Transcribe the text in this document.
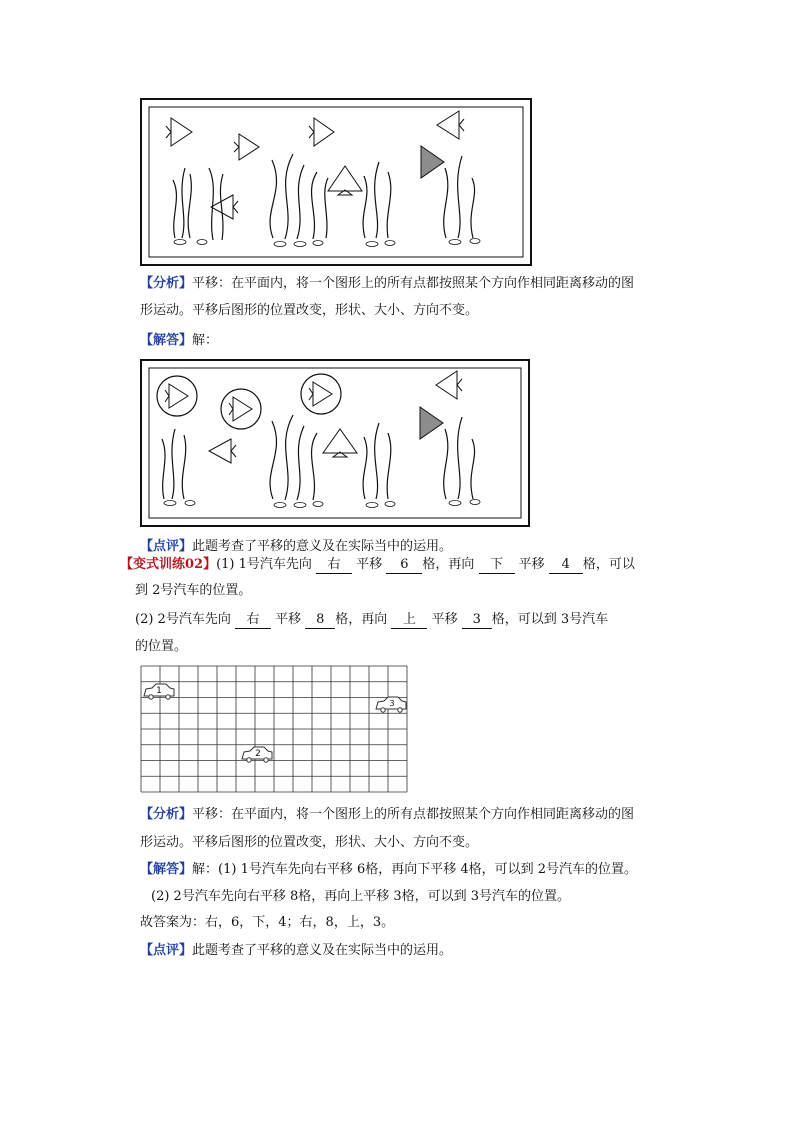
【分析】平移：在平面内，将一个图形上的所有点都按照某个方向作相同距离移动的图
形运动。平移后图形的位置改变，形状、大小、方向不变。
【解答】解：
【点评】此题考查了平移的意义及在实际当中的运用。
【变式训练02】(1) 1号汽车先向 右 平移 6 格，再向 下 平移 4 格，可以
到 2号汽车的位置。
(2) 2号汽车先向 右 平移 8 格，再向 上 平移 3 格，可以到 3号汽车
的位置。
1
2
3
【分析】平移：在平面内，将一个图形上的所有点都按照某个方向作相同距离移动的图
形运动。平移后图形的位置改变，形状、大小、方向不变。
【解答】解：(1) 1号汽车先向右平移 6格，再向下平移 4格，可以到 2号汽车的位置。
(2) 2号汽车先向右平移 8格，再向上平移 3格，可以到 3号汽车的位置。
故答案为：右，6，下，4；右，8，上，3。
【点评】此题考查了平移的意义及在实际当中的运用。
